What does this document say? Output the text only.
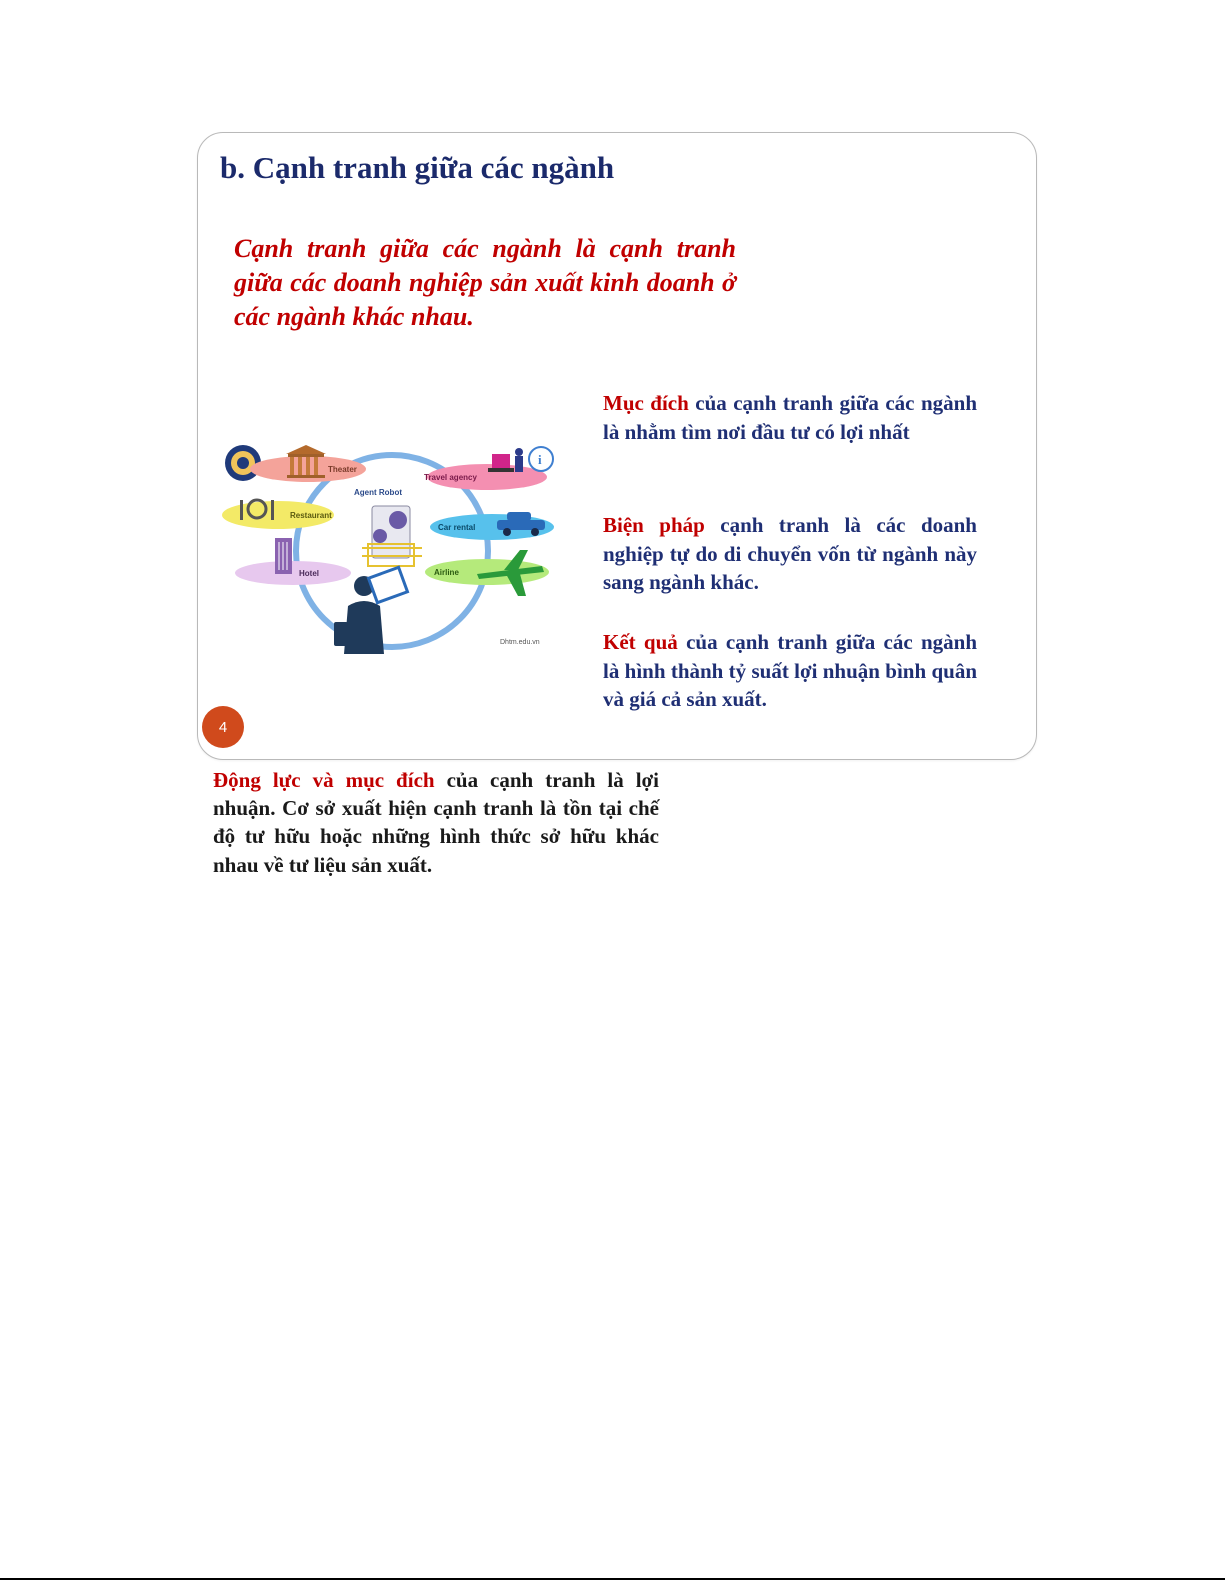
b. Cạnh tranh giữa các ngành

Cạnh tranh giữa các ngành là cạnh tranh giữa các doanh nghiệp sản xuất kinh doanh ở các ngành khác nhau.

Mục đích của cạnh tranh giữa các ngành là nhằm tìm nơi đầu tư có lợi nhất

Biện pháp cạnh tranh là các doanh nghiệp tự do di chuyển vốn từ ngành này sang ngành khác.

Kết quả của cạnh tranh giữa các ngành là hình thành tỷ suất lợi nhuận bình quân và giá cả sản xuất.

Theater
Travel agency
i
Agent Robot
Restaurant
Car rental
Hotel	Airline
Dhtm.edu.vn
4

Động lực và mục đích của cạnh tranh là lợi nhuận. Cơ sở xuất hiện cạnh tranh là tồn tại chế độ tư hữu hoặc những hình thức sở hữu khác nhau về tư liệu sản xuất.
